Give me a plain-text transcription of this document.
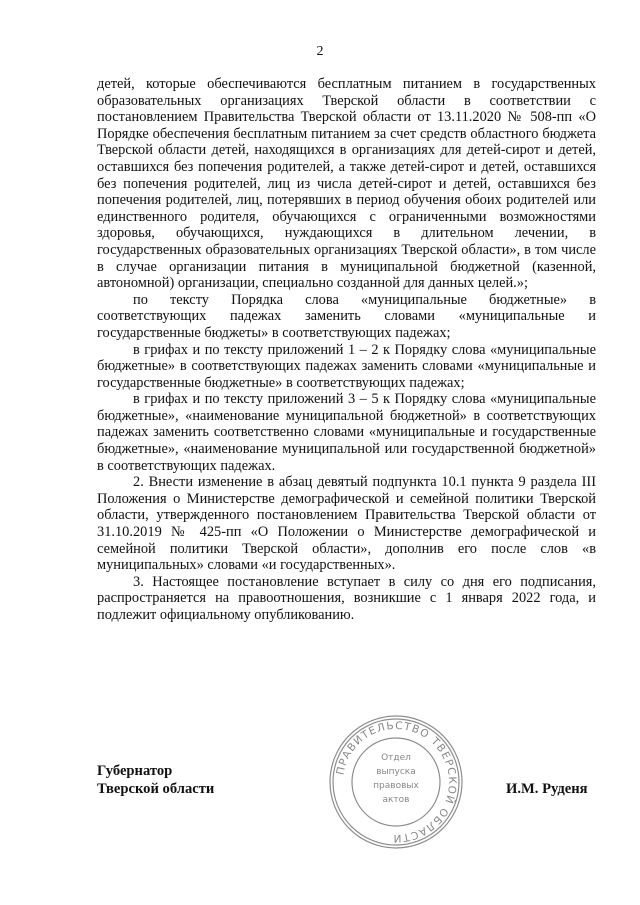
2

детей, которые обеспечиваются бесплатным питанием в государственных образовательных организациях Тверской области в соответствии с постановлением Правительства Тверской области от 13.11.2020 № 508-пп «О Порядке обеспечения бесплатным питанием за счет средств областного бюджета Тверской области детей, находящихся в организациях для детей-сирот и детей, оставшихся без попечения родителей, а также детей-сирот и детей, оставшихся без попечения родителей, лиц из числа детей-сирот и детей, оставшихся без попечения родителей, лиц, потерявших в период обучения обоих родителей или единственного родителя, обучающихся с ограниченными возможностями здоровья, обучающихся, нуждающихся в длительном лечении, в государственных образовательных организациях Тверской области», в том числе в случае организации питания в муниципальной бюджетной (казенной, автономной) организации, специально созданной для данных целей.»;

по тексту Порядка слова «муниципальные бюджетные» в соответствующих падежах заменить словами «муниципальные и государственные бюджеты» в соответствующих падежах;

в грифах и по тексту приложений 1 – 2 к Порядку слова «муниципальные бюджетные» в соответствующих падежах заменить словами «муниципальные и государственные бюджетные» в соответствующих падежах;

в грифах и по тексту приложений 3 – 5 к Порядку слова «муниципальные бюджетные», «наименование муниципальной бюджетной» в соответствующих падежах заменить соответственно словами «муниципальные и государственные бюджетные», «наименование муниципальной или государственной бюджетной» в соответствующих падежах.

2. Внести изменение в абзац девятый подпункта 10.1 пункта 9 раздела III Положения о Министерстве демографической и семейной политики Тверской области, утвержденного постановлением Правительства Тверской области от 31.10.2019 № 425-пп «О Положении о Министерстве демографической и семейной политики Тверской области», дополнив его после слов «в муниципальных» словами «и государственных».

3. Настоящее постановление вступает в силу со дня его подписания, распространяется на правоотношения, возникшие с 1 января 2022 года, и подлежит официальному опубликованию.

Губернатор
Тверской области	И.М. Руденя
ПРАВИТЕЛЬСТВО ТВЕРСКОЙ ОБЛАСТИ
Отдел
выпуска
правовых
актов
